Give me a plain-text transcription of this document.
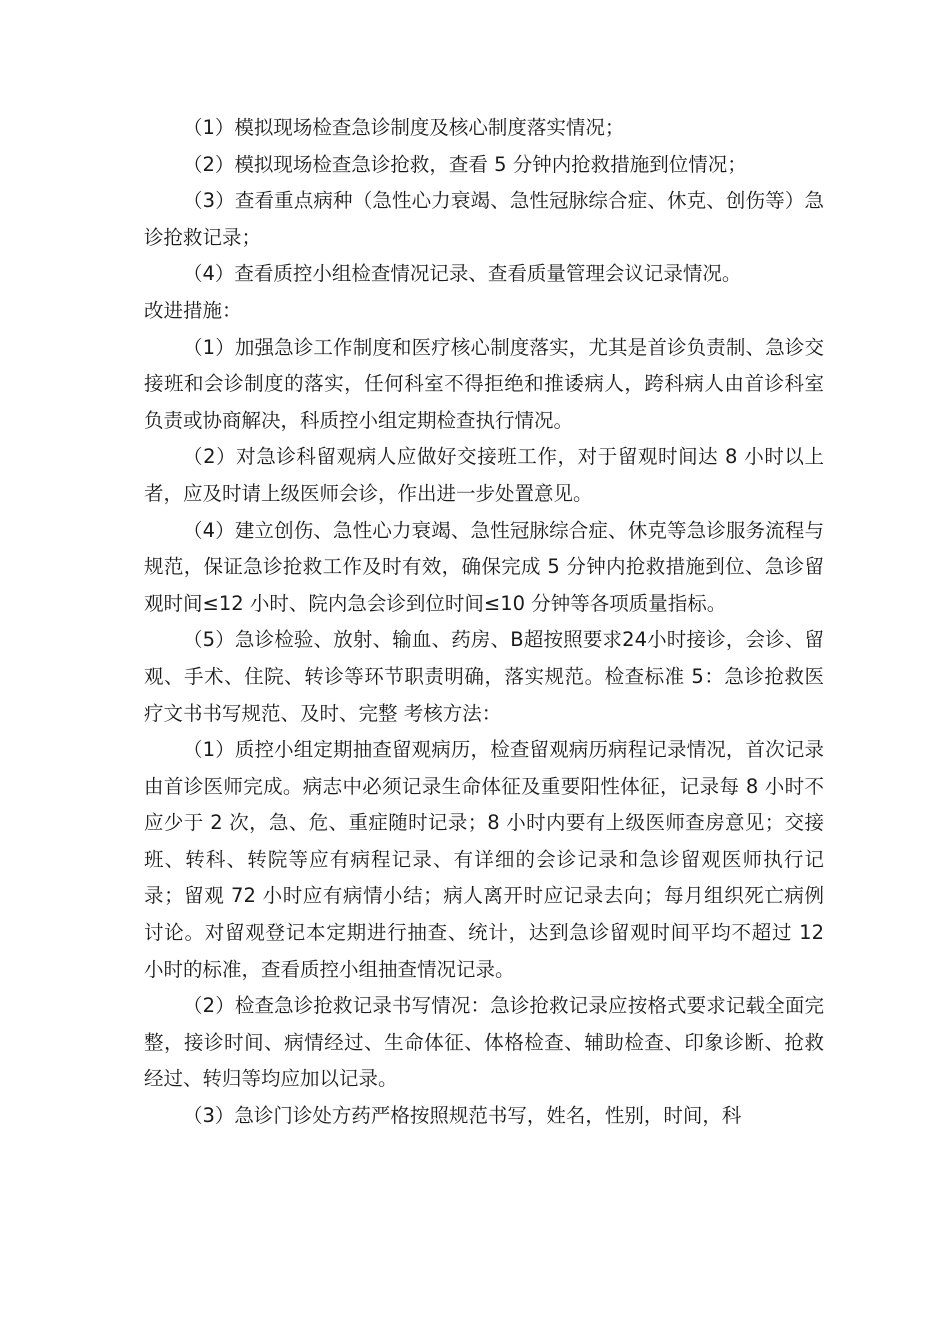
（1）模拟现场检查急诊制度及核心制度落实情况；

（2）模拟现场检查急诊抢救，查看 5 分钟内抢救措施到位情况；

（3）查看重点病种（急性心力衰竭、急性冠脉综合症、休克、创伤等）急诊抢救记录；

（4）查看质控小组检查情况记录、查看质量管理会议记录情况。

改进措施：

（1）加强急诊工作制度和医疗核心制度落实，尤其是首诊负责制、急诊交接班和会诊制度的落实，任何科室不得拒绝和推诿病人，跨科病人由首诊科室负责或协商解决，科质控小组定期检查执行情况。

（2）对急诊科留观病人应做好交接班工作，对于留观时间达 8 小时以上者，应及时请上级医师会诊，作出进一步处置意见。

（4）建立创伤、急性心力衰竭、急性冠脉综合症、休克等急诊服务流程与规范，保证急诊抢救工作及时有效，确保完成 5 分钟内抢救措施到位、急诊留观时间≤12 小时、院内急会诊到位时间≤10 分钟等各项质量指标。

（5）急诊检验、放射、输血、药房、B超按照要求24小时接诊，会诊、留观、手术、住院、转诊等环节职责明确，落实规范。检查标准 5：急诊抢救医疗文书书写规范、及时、完整 考核方法：

（1）质控小组定期抽查留观病历，检查留观病历病程记录情况，首次记录由首诊医师完成。病志中必须记录生命体征及重要阳性体征，记录每 8 小时不应少于 2 次，急、危、重症随时记录；8 小时内要有上级医师查房意见；交接班、转科、转院等应有病程记录、有详细的会诊记录和急诊留观医师执行记录；留观 72 小时应有病情小结；病人离开时应记录去向；每月组织死亡病例讨论。对留观登记本定期进行抽查、统计，达到急诊留观时间平均不超过 12 小时的标准，查看质控小组抽查情况记录。

（2）检查急诊抢救记录书写情况：急诊抢救记录应按格式要求记载全面完整，接诊时间、病情经过、生命体征、体格检查、辅助检查、印象诊断、抢救经过、转归等均应加以记录。

（3）急诊门诊处方药严格按照规范书写，姓名，性别，时间，科
